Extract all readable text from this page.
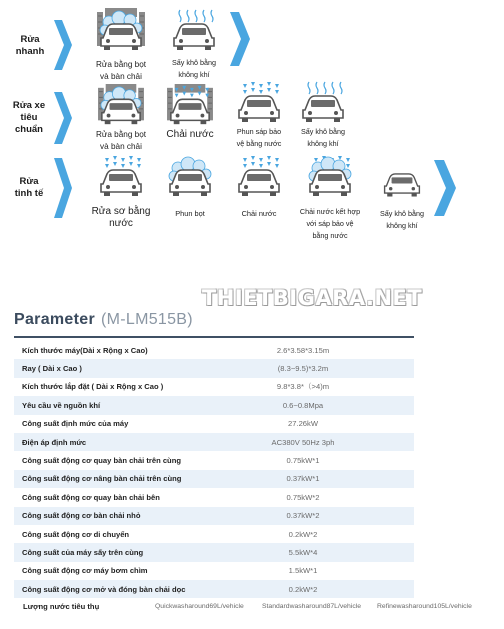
Rửa
nhanh
Rửa xe
tiêu
chuẩn
Rửa
tinh tế
Rửa bằng bọt
và bàn chải
Sấy khô bằng
không khí
Rửa bằng bọt
và bàn chải
Chải nước	Phun sáp bảo
vệ bằng nước
Sấy khô bằng
không khí
Rửa sơ bằng
nước
Phun bọt	Chải nước	Chải nước kết hợp
với sáp bảo vệ
bằng nước
Sấy khô bằng
không khí
THIETBIGARA.NET
Parameter (M-LM515B)
Kích thước máy(Dài x Rộng x Cao)	2.6*3.58*3.15m
Ray ( Dài x Cao )	(8.3~9.5)*3.2m
Kích thước lắp đặt ( Dài x Rộng x Cao )	9.8*3.8*（>4)m
Yêu cầu về nguồn khí	0.6~0.8Mpa
Công suất định mức của máy	27.26kW
Điện áp định mức	AC380V 50Hz 3ph
Công suất động cơ quay bàn chải trên cùng	0.75kW*1
Công suất động cơ nâng bàn chải trên cùng	0.37kW*1
Công suất động cơ quay bàn chải bên	0.75kW*2
Công suất động cơ bàn chải nhỏ	0.37kW*2
Công suất động cơ di chuyển	0.2kW*2
Công suất của máy sấy trên cùng	5.5kW*4
Công suất động cơ máy bơm chìm	1.5kW*1
Công suất động cơ mở và đóng bàn chải dọc	0.2kW*2
Lượng nước tiêu thụ	Quickwasharound69L/vehicle	Standardwasharound87L/vehicle Refinewasharound105L/vehicle
